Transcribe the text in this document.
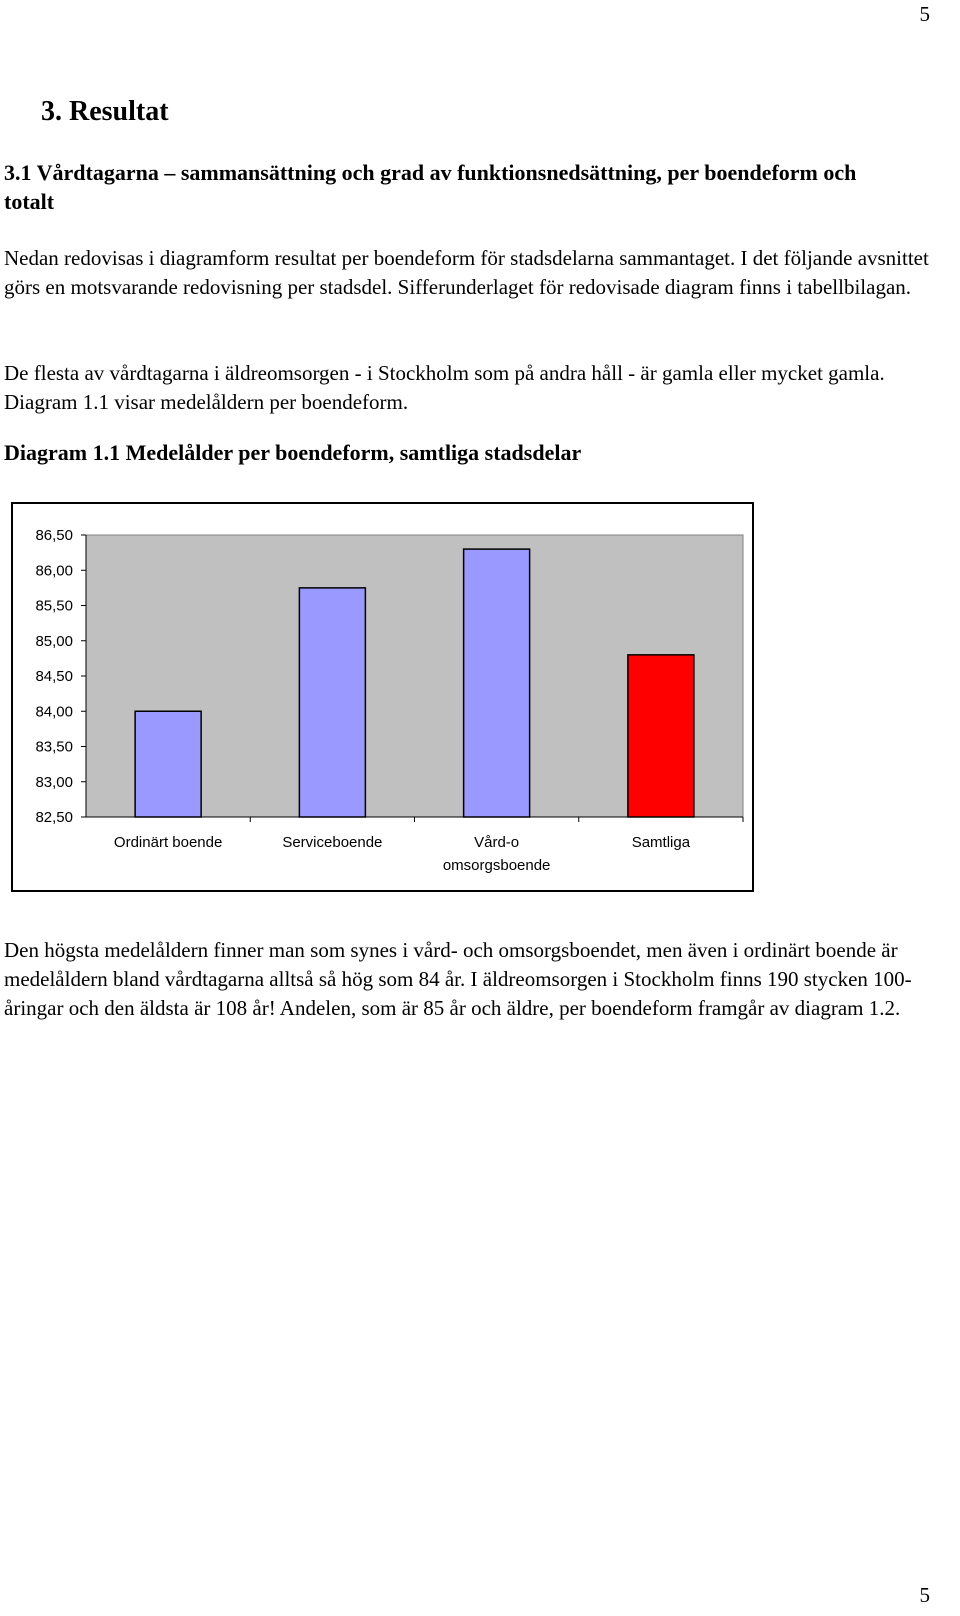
5
3. Resultat
3.1 Vårdtagarna – sammansättning och grad av funktionsnedsättning, per boendeform och totalt
Nedan redovisas i diagramform resultat per boendeform för stadsdelarna sammantaget. I det följande avsnittet görs en motsvarande redovisning per stadsdel. Sifferunderlaget för redovisade diagram finns i tabellbilagan.
De flesta av vårdtagarna i äldreomsorgen - i Stockholm som på andra håll - är gamla eller mycket gamla. Diagram 1.1 visar medelåldern per boendeform.
Diagram 1.1 Medelålder per boendeform, samtliga stadsdelar
86,50
86,00
85,50
85,00
84,50
84,00
83,50
83,00
82,50
Ordinärt boende	Serviceboende	Vård-o
omsorgsboende
Samtliga
Den högsta medelåldern finner man som synes i vård- och omsorgsboendet, men även i ordinärt boende är medelåldern bland vårdtagarna alltså så hög som 84 år. I äldreomsorgen i Stockholm finns 190 stycken 100-åringar och den äldsta är 108 år! Andelen, som är 85 år och äldre, per boendeform framgår av diagram 1.2.
5
